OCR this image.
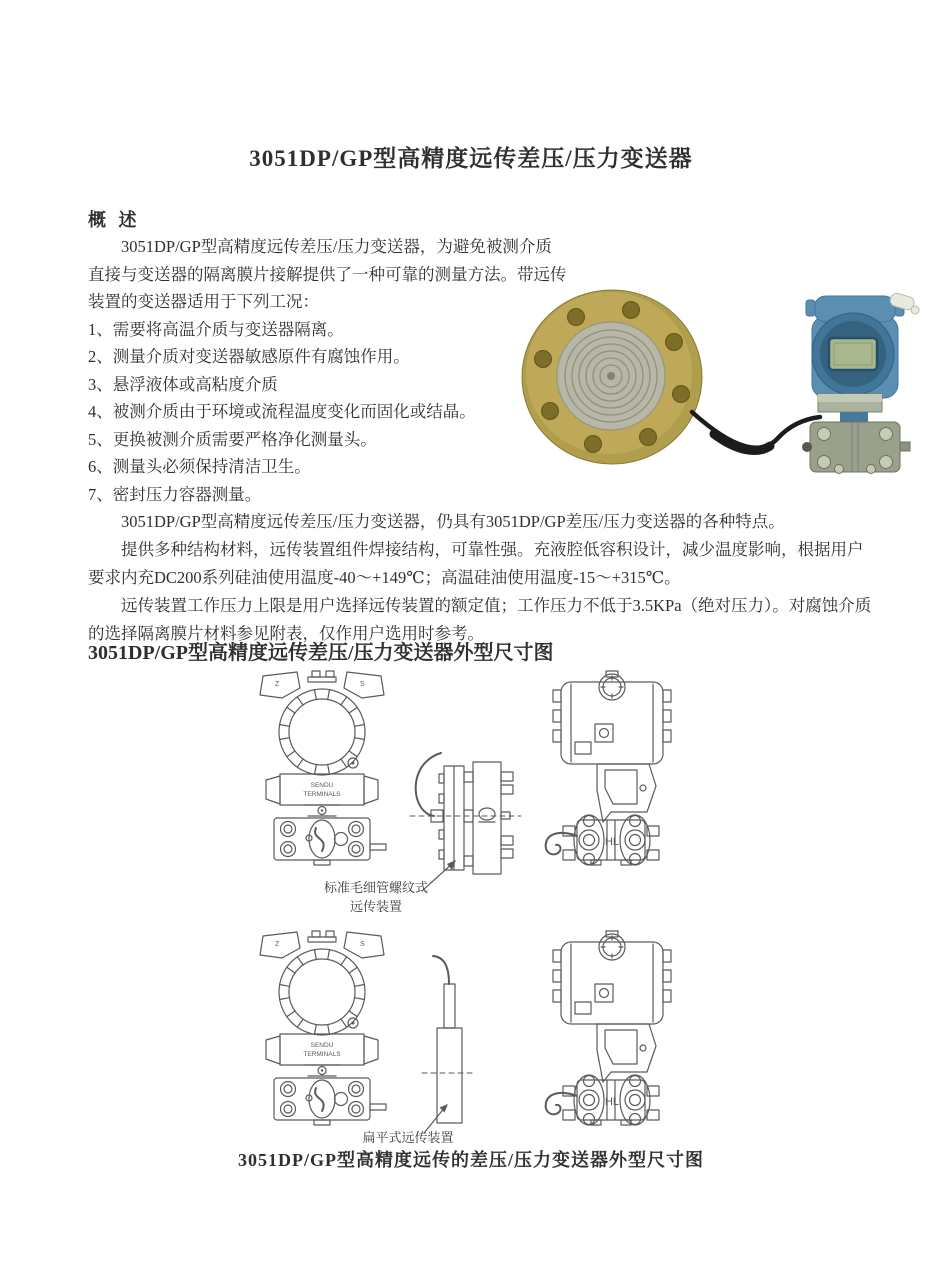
3051DP/GP型高精度远传差压/压力变送器
概 述
3051DP/GP型高精度远传差压/压力变送器，为避免被测介质
直接与变送器的隔离膜片接解提供了一种可靠的测量方法。带远传
装置的变送器适用于下列工况：
1、需要将高温介质与变送器隔离。
2、测量介质对变送器敏感原件有腐蚀作用。
3、悬浮液体或高粘度介质
4、被测介质由于环境或流程温度变化而固化或结晶。
5、更换被测介质需要严格净化测量头。
6、测量头必须保持清洁卫生。
7、密封压力容器测量。

3051DP/GP型高精度远传差压/压力变送器，仍具有3051DP/GP差压/压力变送器的各种特点。

提供多种结构材料，远传装置组件焊接结构，可靠性强。充液腔低容积设计，减少温度影响，根据用户要求内充DC200系列硅油使用温度-40～+149℃；高温硅油使用温度-15～+315℃。

远传装置工作压力上限是用户选择远传装置的额定值；工作压力不低于3.5KPa（绝对压力）。对腐蚀介质的选择隔离膜片材料参见附表，仅作用户选用时参考。

3051DP/GP型高精度远传差压/压力变送器外型尺寸图
Z	S
SENDU
TERMINALS
HL
标准毛细管螺纹式
远传装置
Z	S
SENDU
TERMINALS
HL
扁平式远传装置
3051DP/GP型高精度远传的差压/压力变送器外型尺寸图
